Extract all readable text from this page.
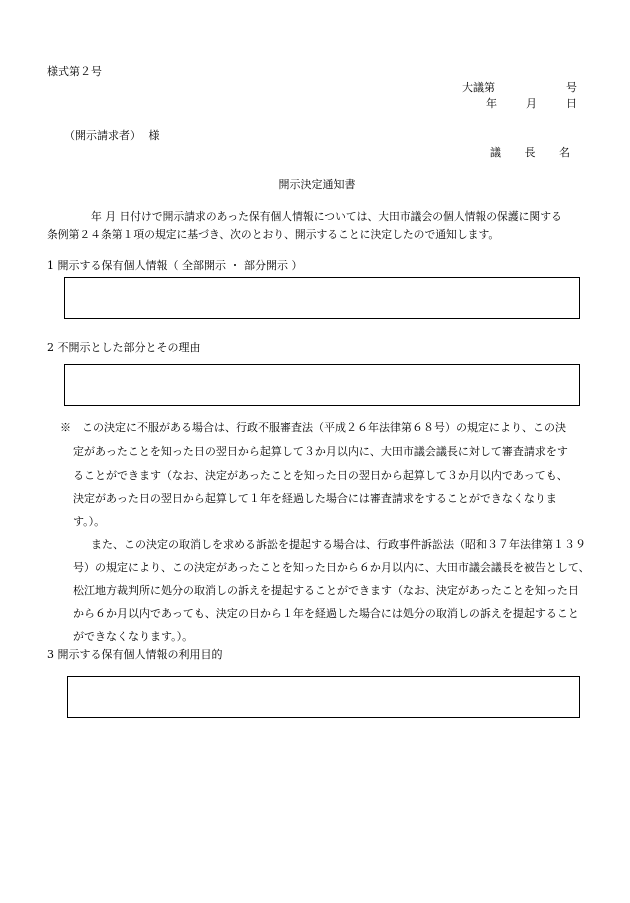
様式第２号
大議第	号
年	月	日
（開示請求者） 様
議 長 名
開示決定通知書
年 月 日付けで開示請求のあった保有個人情報については、大田市議会の個人情報の保護に関する
条例第２４条第１項の規定に基づき、次のとおり、開示することに決定したので通知します。
1 開示する保有個人情報（ 全部開示 ・ 部分開示 ）
2 不開示とした部分とその理由
※　この決定に不服がある場合は、行政不服審査法（平成２６年法律第６８号）の規定により、この決
定があったことを知った日の翌日から起算して３か月以内に、大田市議会議長に対して審査請求をす
ることができます（なお、決定があったことを知った日の翌日から起算して３か月以内であっても、
決定があった日の翌日から起算して１年を経過した場合には審査請求をすることができなくなりま
す。）。
また、この決定の取消しを求める訴訟を提起する場合は、行政事件訴訟法（昭和３７年法律第１３９
号）の規定により、この決定があったことを知った日から６か月以内に、大田市議会議長を被告として、
松江地方裁判所に処分の取消しの訴えを提起することができます（なお、決定があったことを知った日
から６か月以内であっても、決定の日から１年を経過した場合には処分の取消しの訴えを提起すること
ができなくなります。）。
3 開示する保有個人情報の利用目的
